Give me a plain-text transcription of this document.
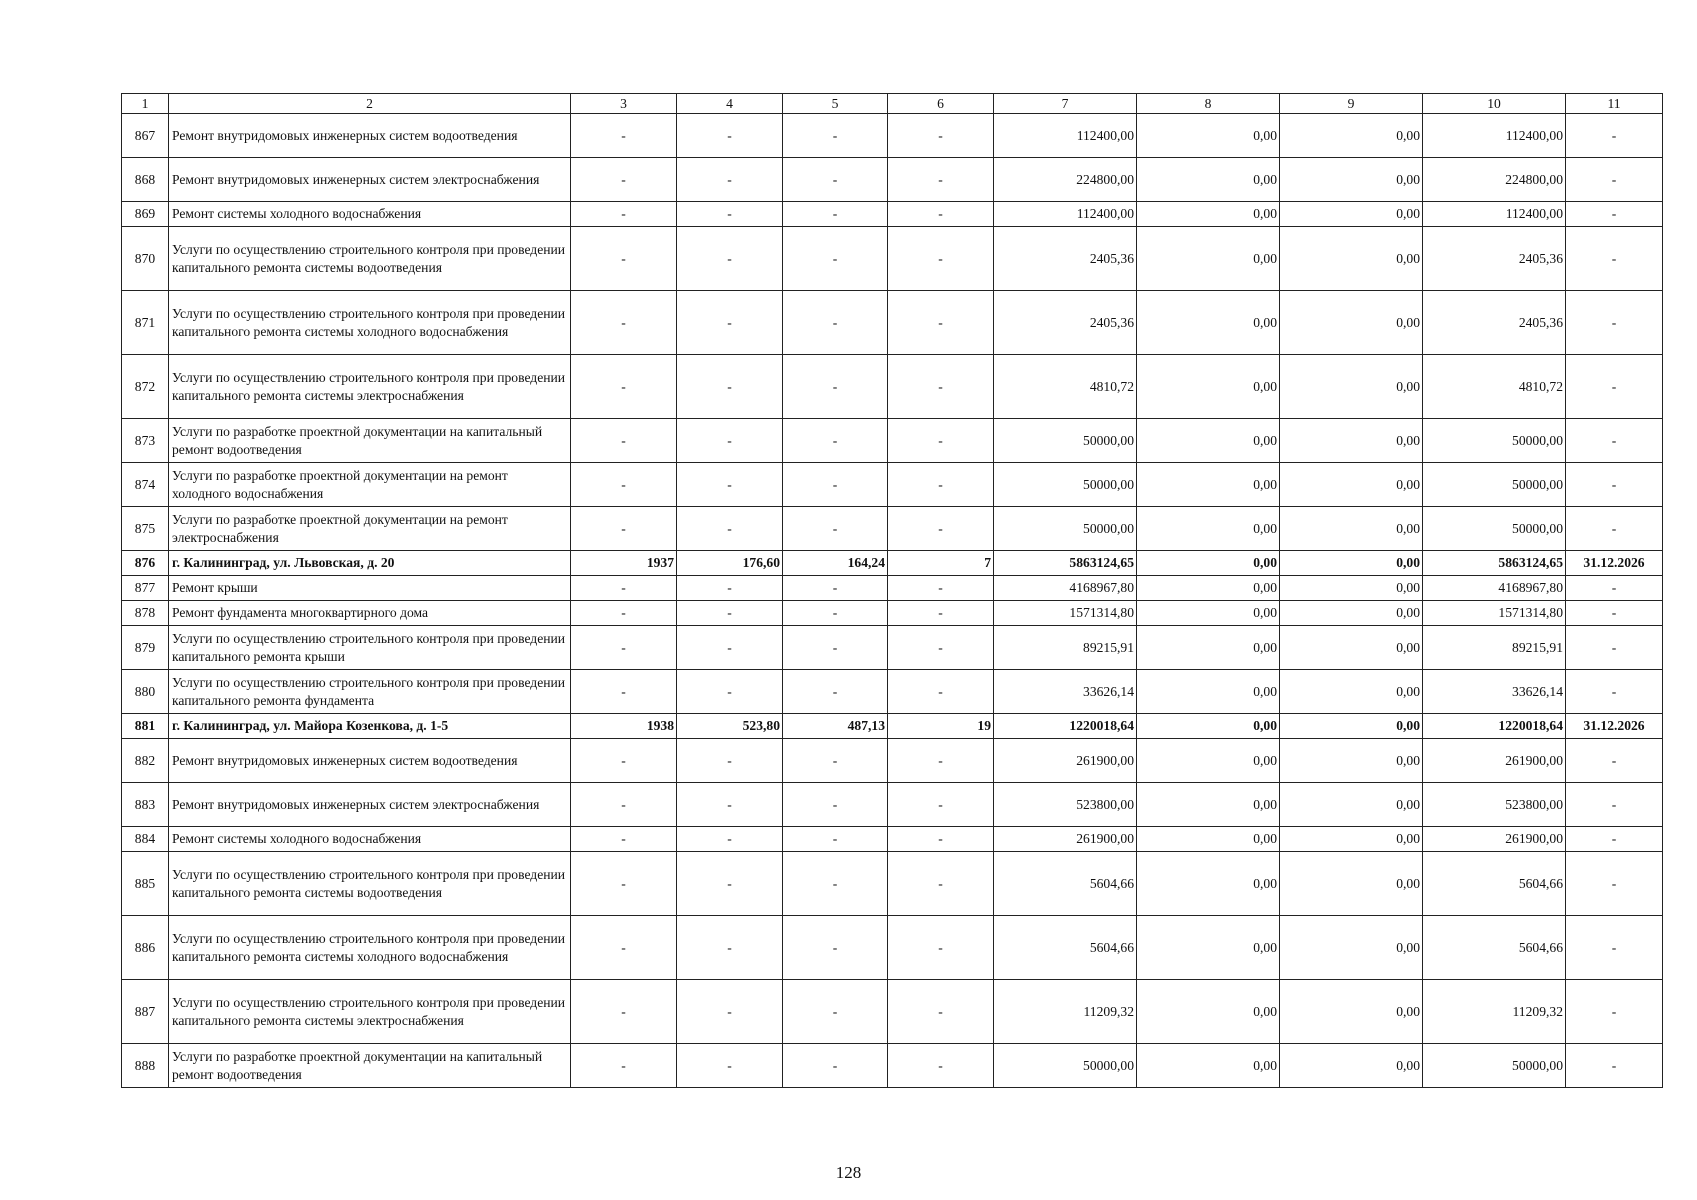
1	2	3	4	5	6	7	8	9	10	11
867	Ремонт внутридомовых инженерных систем водоотведения	-	-	-	-	112400,00	0,00	0,00	112400,00	-
868	Ремонт внутридомовых инженерных систем электроснабжения	-	-	-	-	224800,00	0,00	0,00	224800,00	-
869	Ремонт системы холодного водоснабжения	-	-	-	-	112400,00	0,00	0,00	112400,00	-
870	Услуги по осуществлению строительного контроля при проведении капитального ремонта системы водоотведения	-	-	-	-	2405,36	0,00	0,00	2405,36	-
871	Услуги по осуществлению строительного контроля при проведении капитального ремонта системы холодного водоснабжения	-	-	-	-	2405,36	0,00	0,00	2405,36	-
872	Услуги по осуществлению строительного контроля при проведении капитального ремонта системы электроснабжения	-	-	-	-	4810,72	0,00	0,00	4810,72	-
873	Услуги по разработке проектной документации на капитальный ремонт водоотведения	-	-	-	-	50000,00	0,00	0,00	50000,00	-
874	Услуги по разработке проектной документации на ремонт холодного водоснабжения	-	-	-	-	50000,00	0,00	0,00	50000,00	-
875	Услуги по разработке проектной документации на ремонт электроснабжения	-	-	-	-	50000,00	0,00	0,00	50000,00	-
876	г. Калининград, ул. Львовская, д. 20	1937	176,60	164,24	7	5863124,65	0,00	0,00	5863124,65	31.12.2026
877	Ремонт крыши	-	-	-	-	4168967,80	0,00	0,00	4168967,80	-
878	Ремонт фундамента многоквартирного дома	-	-	-	-	1571314,80	0,00	0,00	1571314,80	-
879	Услуги по осуществлению строительного контроля при проведении капитального ремонта крыши	-	-	-	-	89215,91	0,00	0,00	89215,91	-
880	Услуги по осуществлению строительного контроля при проведении капитального ремонта фундамента	-	-	-	-	33626,14	0,00	0,00	33626,14	-
881	г. Калининград, ул. Майора Козенкова, д. 1-5	1938	523,80	487,13	19	1220018,64	0,00	0,00	1220018,64	31.12.2026
882	Ремонт внутридомовых инженерных систем водоотведения	-	-	-	-	261900,00	0,00	0,00	261900,00	-
883	Ремонт внутридомовых инженерных систем электроснабжения	-	-	-	-	523800,00	0,00	0,00	523800,00	-
884	Ремонт системы холодного водоснабжения	-	-	-	-	261900,00	0,00	0,00	261900,00	-
885	Услуги по осуществлению строительного контроля при проведении капитального ремонта системы водоотведения	-	-	-	-	5604,66	0,00	0,00	5604,66	-
886	Услуги по осуществлению строительного контроля при проведении капитального ремонта системы холодного водоснабжения	-	-	-	-	5604,66	0,00	0,00	5604,66	-
887	Услуги по осуществлению строительного контроля при проведении капитального ремонта системы электроснабжения	-	-	-	-	11209,32	0,00	0,00	11209,32	-
888	Услуги по разработке проектной документации на капитальный ремонт водоотведения	-	-	-	-	50000,00	0,00	0,00	50000,00	-
128
